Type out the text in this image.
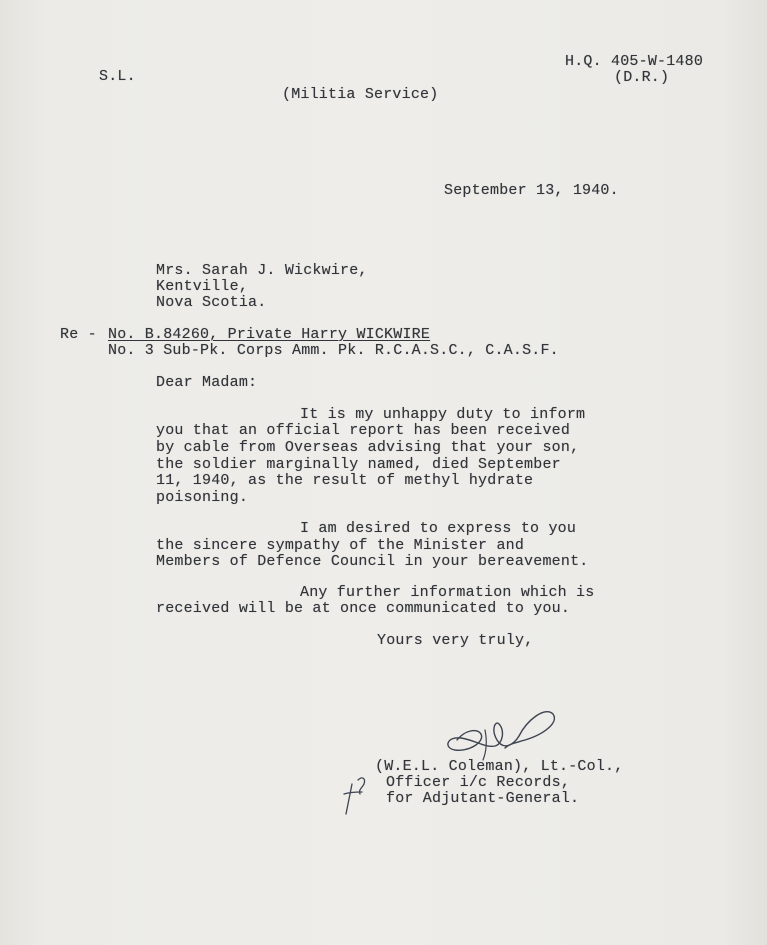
S.L.
(Militia Service)
H.Q. 405-W-1480
(D.R.)
September 13, 1940.
Mrs. Sarah J. Wickwire,
Kentville,
Nova Scotia.
Re - No. B.84260, Private Harry WICKWIRE
No. 3 Sub-Pk. Corps Amm. Pk. R.C.A.S.C., C.A.S.F.
Dear Madam:
It is my unhappy duty to inform
you that an official report has been received
by cable from Overseas advising that your son,
the soldier marginally named, died September
11, 1940, as the result of methyl hydrate
poisoning.
I am desired to express to you
the sincere sympathy of the Minister and
Members of Defence Council in your bereavement.
Any further information which is
received will be at once communicated to you.
Yours very truly,
(W.E.L. Coleman), Lt.-Col.,
Officer i/c Records,
for Adjutant-General.
